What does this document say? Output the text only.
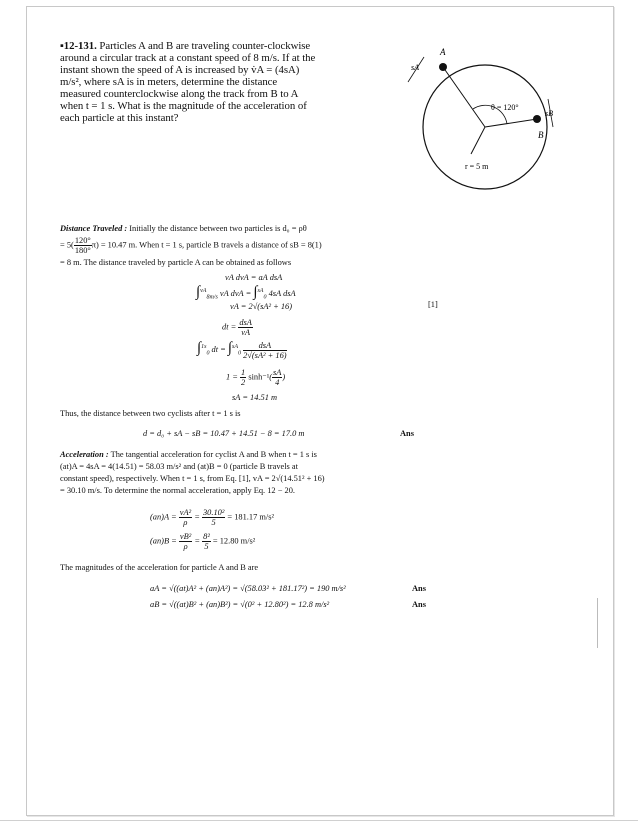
▪12-131. Particles A and B are traveling counter-clockwise around a circular track at a constant speed of 8 m/s. If at the instant shown the speed of A is increased by v̇A = (4sA) m/s², where sA is in meters, determine the distance measured counterclockwise along the track from B to A when t = 1 s. What is the magnitude of the acceleration of each particle at this instant?
A
B
sA
sB
θ = 120°
r = 5 m
Distance Traveled : Initially the distance between two particles is d₀ = ρθ
= $5( \frac{120^\circ}{180^\circ} \pi) = 10.47$ m. When t = 1 s, particle B travels a distance of sB = 8(1)
= 8 m. The distance traveled by particle A can be obtained as follows
vA dvA = aA dsA
∫$^{vA}_{8m/s}$ vA dvA = ∫$^{sA}_0$ 4sA dsA
vA = 2√(sA² + 16)	[1]
dt = $\frac{\text{dsA}}{vA}$
∫$^{1s}_0$ dt = $\int^{sA}_0 \frac{\text{dsA}}{\text{2√(sA² + 16)}}$
$1 = \frac{1}{2} \sinh^{-1}( \frac{sA}{4}$ )
sA = 14.51 m
Thus, the distance between two cyclists after t = 1 s is
d = d₀ + sA − sB = 10.47 + 14.51 − 8 = 17.0 m	Ans
Acceleration : The tangential acceleration for cyclist A and B when t = 1 s is
(at)A = 4sA = 4(14.51) = 58.03 m/s² and (at)B = 0 (particle B travels at
constant speed), respectively. When t = 1 s, from Eq. [1], vA = 2√(14.51² + 16)
= 30.10 m/s. To determine the normal acceleration, apply Eq. 12 − 20.
$(an)A = \frac{\text{vA²}}{\rho} = \frac{\text{30.10²}}{5} = 181.17$ m/s²
$(an)B = \frac{\text{vB²}}{\rho} = \frac{\text{8²}}{5} = 12.80$ m/s²
The magnitudes of the acceleration for particle A and B are
aA = √((at)A² + (an)A²) = √(58.03² + 181.17²) = 190 m/s²	Ans
aB = √((at)B² + (an)B²) = √(0² + 12.80²) = 12.8 m/s²	Ans
